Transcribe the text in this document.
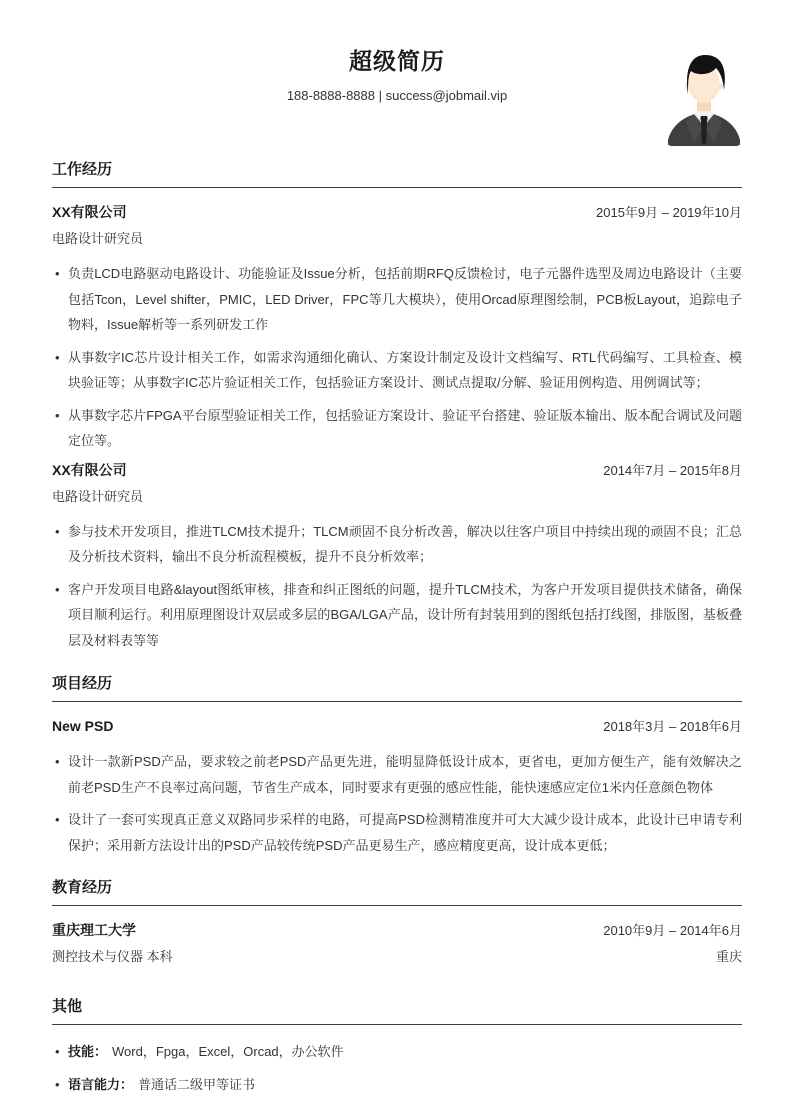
超级简历
188-8888-8888 | success@jobmail.vip
工作经历
XX有限公司	2015年9月 – 2019年10月
电路设计研究员
• 负责LCD电路驱动电路设计、功能验证及Issue分析，包括前期RFQ反馈检讨，电子元器件选型及周边电路设计（主要包括Tcon，Level shifter，PMIC，LED Driver，FPC等几大模块），使用Orcad原理图绘制，PCB板Layout，追踪电子物料，Issue解析等一系列研发工作
• 从事数字IC芯片设计相关工作，如需求沟通细化确认、方案设计制定及设计文档编写、RTL代码编写、工具检查、模块验证等；从事数字IC芯片验证相关工作，包括验证方案设计、测试点提取/分解、验证用例构造、用例调试等；
• 从事数字芯片FPGA平台原型验证相关工作，包括验证方案设计、验证平台搭建、验证版本输出、版本配合调试及问题定位等。
XX有限公司	2014年7月 – 2015年8月
电路设计研究员
• 参与技术开发项目，推进TLCM技术提升；TLCM顽固不良分析改善，解决以往客户项目中持续出现的顽固不良；汇总及分析技术资料，输出不良分析流程模板，提升不良分析效率；
• 客户开发项目电路&layout图纸审核，排查和纠正图纸的问题，提升TLCM技术，为客户开发项目提供技术储备，确保项目顺利运行。利用原理图设计双层或多层的BGA/LGA产品，设计所有封装用到的图纸包括打线图，排版图，基板叠层及材料表等等
项目经历
New PSD	2018年3月 – 2018年6月
• 设计一款新PSD产品，要求较之前老PSD产品更先进，能明显降低设计成本，更省电，更加方便生产，能有效解决之前老PSD生产不良率过高问题，节省生产成本，同时要求有更强的感应性能，能快速感应定位1米内任意颜色物体
• 设计了一套可实现真正意义双路同步采样的电路，可提高PSD检测精准度并可大大减少设计成本，此设计已申请专利保护；采用新方法设计出的PSD产品较传统PSD产品更易生产，感应精度更高，设计成本更低；
教育经历
重庆理工大学	2010年9月 – 2014年6月
测控技术与仪器 本科	重庆
其他
• 技能： Word，Fpga，Excel，Orcad，办公软件
• 语言能力： 普通话二级甲等证书
